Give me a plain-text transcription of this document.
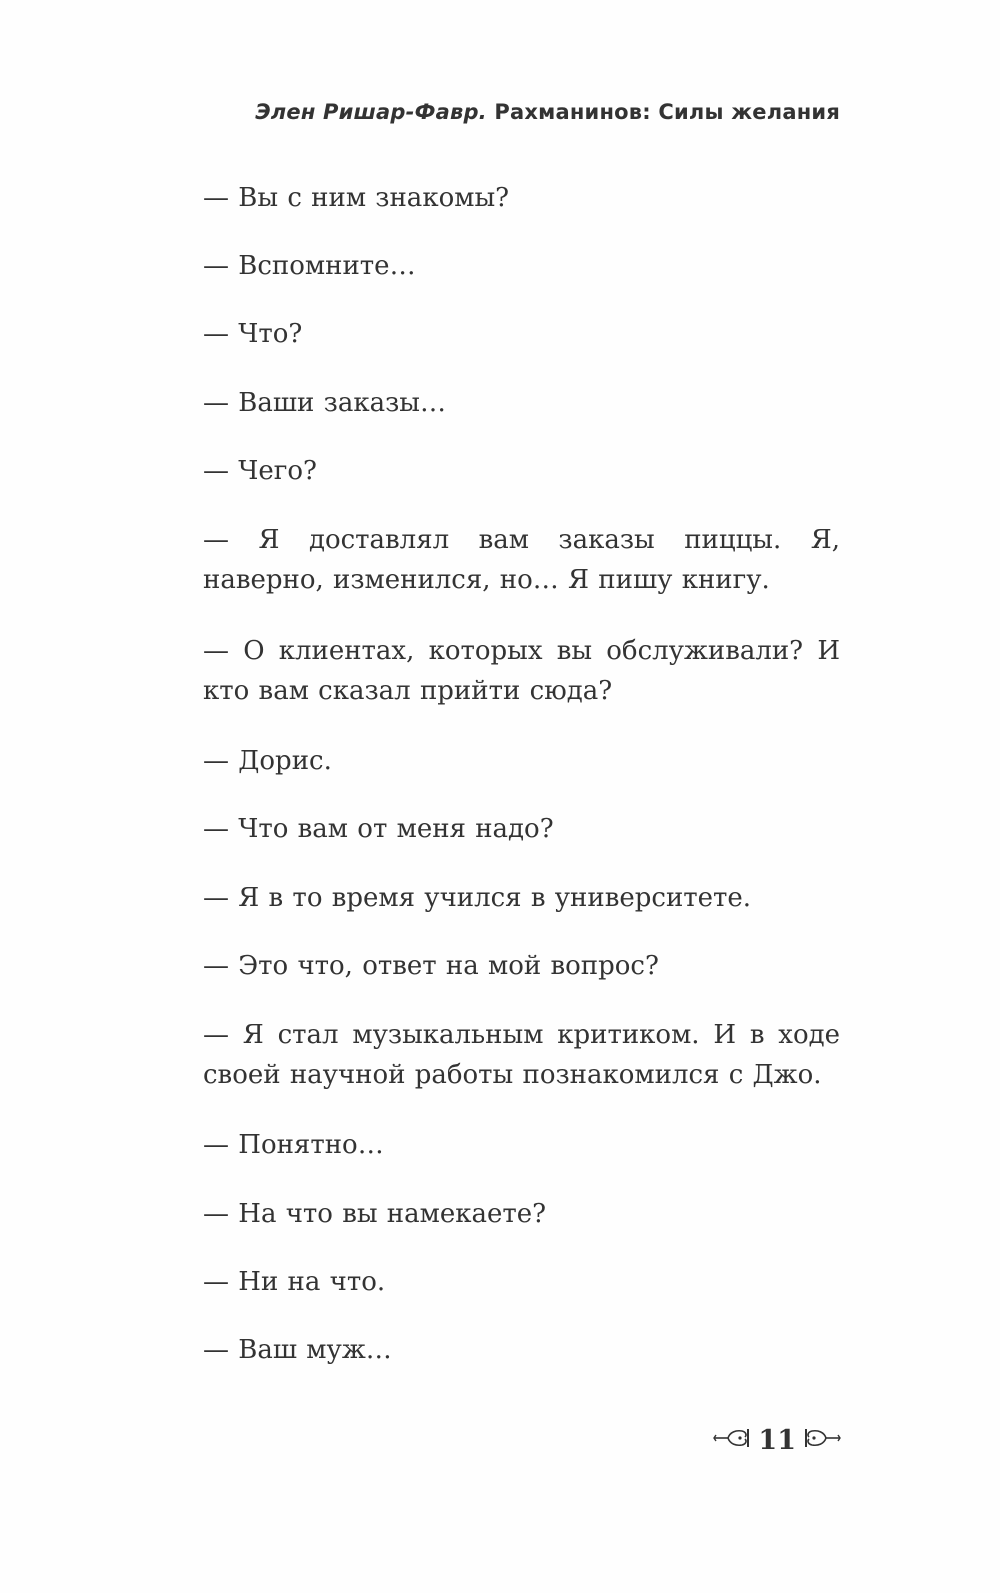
Элен Ришар-Фавр. Рахманинов: Силы желания

— Вы с ним знакомы?

— Вспомните…

— Что?

— Ваши заказы…

— Чего?

— Я доставлял вам заказы пиццы. Я, наверно, изменился, но… Я пишу книгу.

— О клиентах, которых вы обслуживали? И кто вам сказал прийти сюда?

— Дорис.

— Что вам от меня надо?

— Я в то время учился в университете.

— Это что, ответ на мой вопрос?

— Я стал музыкальным критиком. И в ходе своей научной работы познакомился с Джо.

— Понятно…

— На что вы намекаете?

— Ни на что.

— Ваш муж…

11
